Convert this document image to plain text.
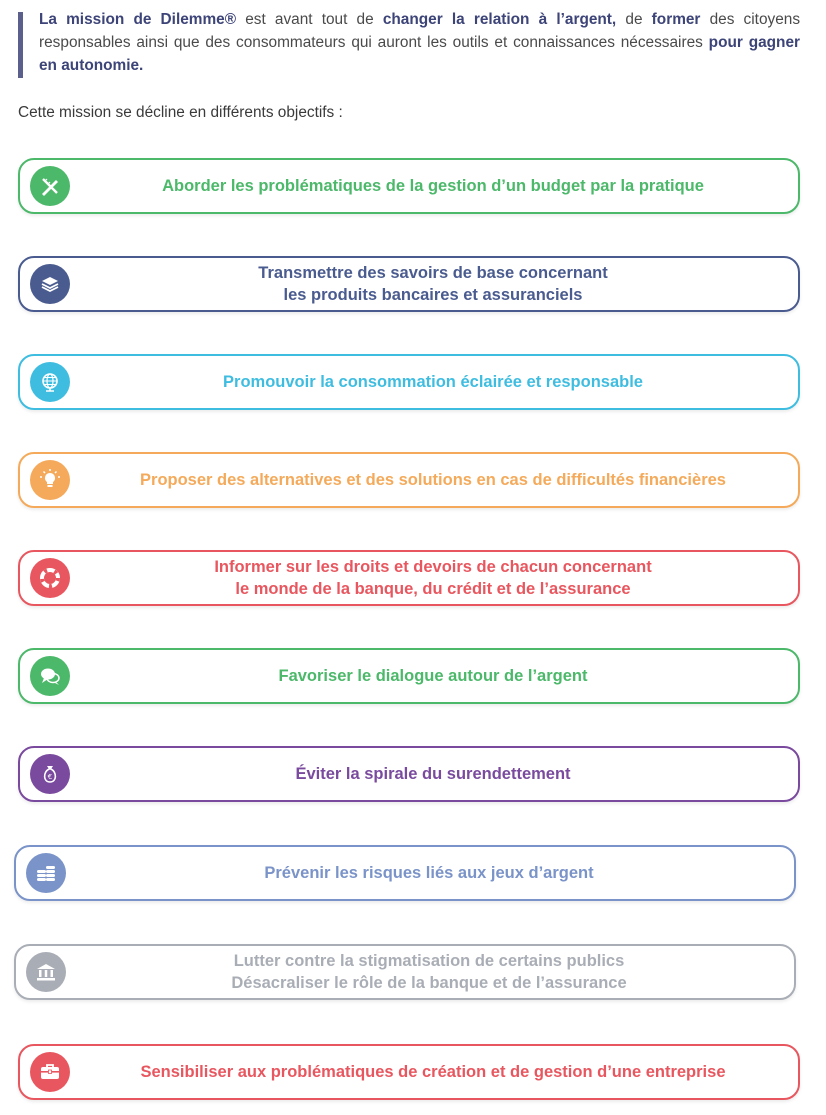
La mission de Dilemme® est avant tout de changer la relation à l’argent, de former des citoyens responsables ainsi que des consommateurs qui auront les outils et connaissances nécessaires pour gagner en autonomie.

Cette mission se décline en différents objectifs :

Aborder les problématiques de la gestion d’un budget par la pratique
Transmettre des savoirs de base concernant
les produits bancaires et assuranciels
Promouvoir la consommation éclairée et responsable
Proposer des alternatives et des solutions en cas de difficultés financières
Informer sur les droits et devoirs de chacun concernant
le monde de la banque, du crédit et de l’assurance
Favoriser le dialogue autour de l’argent
€	Éviter la spirale du surendettement
Prévenir les risques liés aux jeux d’argent
Lutter contre la stigmatisation de certains publics
Désacraliser le rôle de la banque et de l’assurance
Sensibiliser aux problématiques de création et de gestion d’une entreprise
